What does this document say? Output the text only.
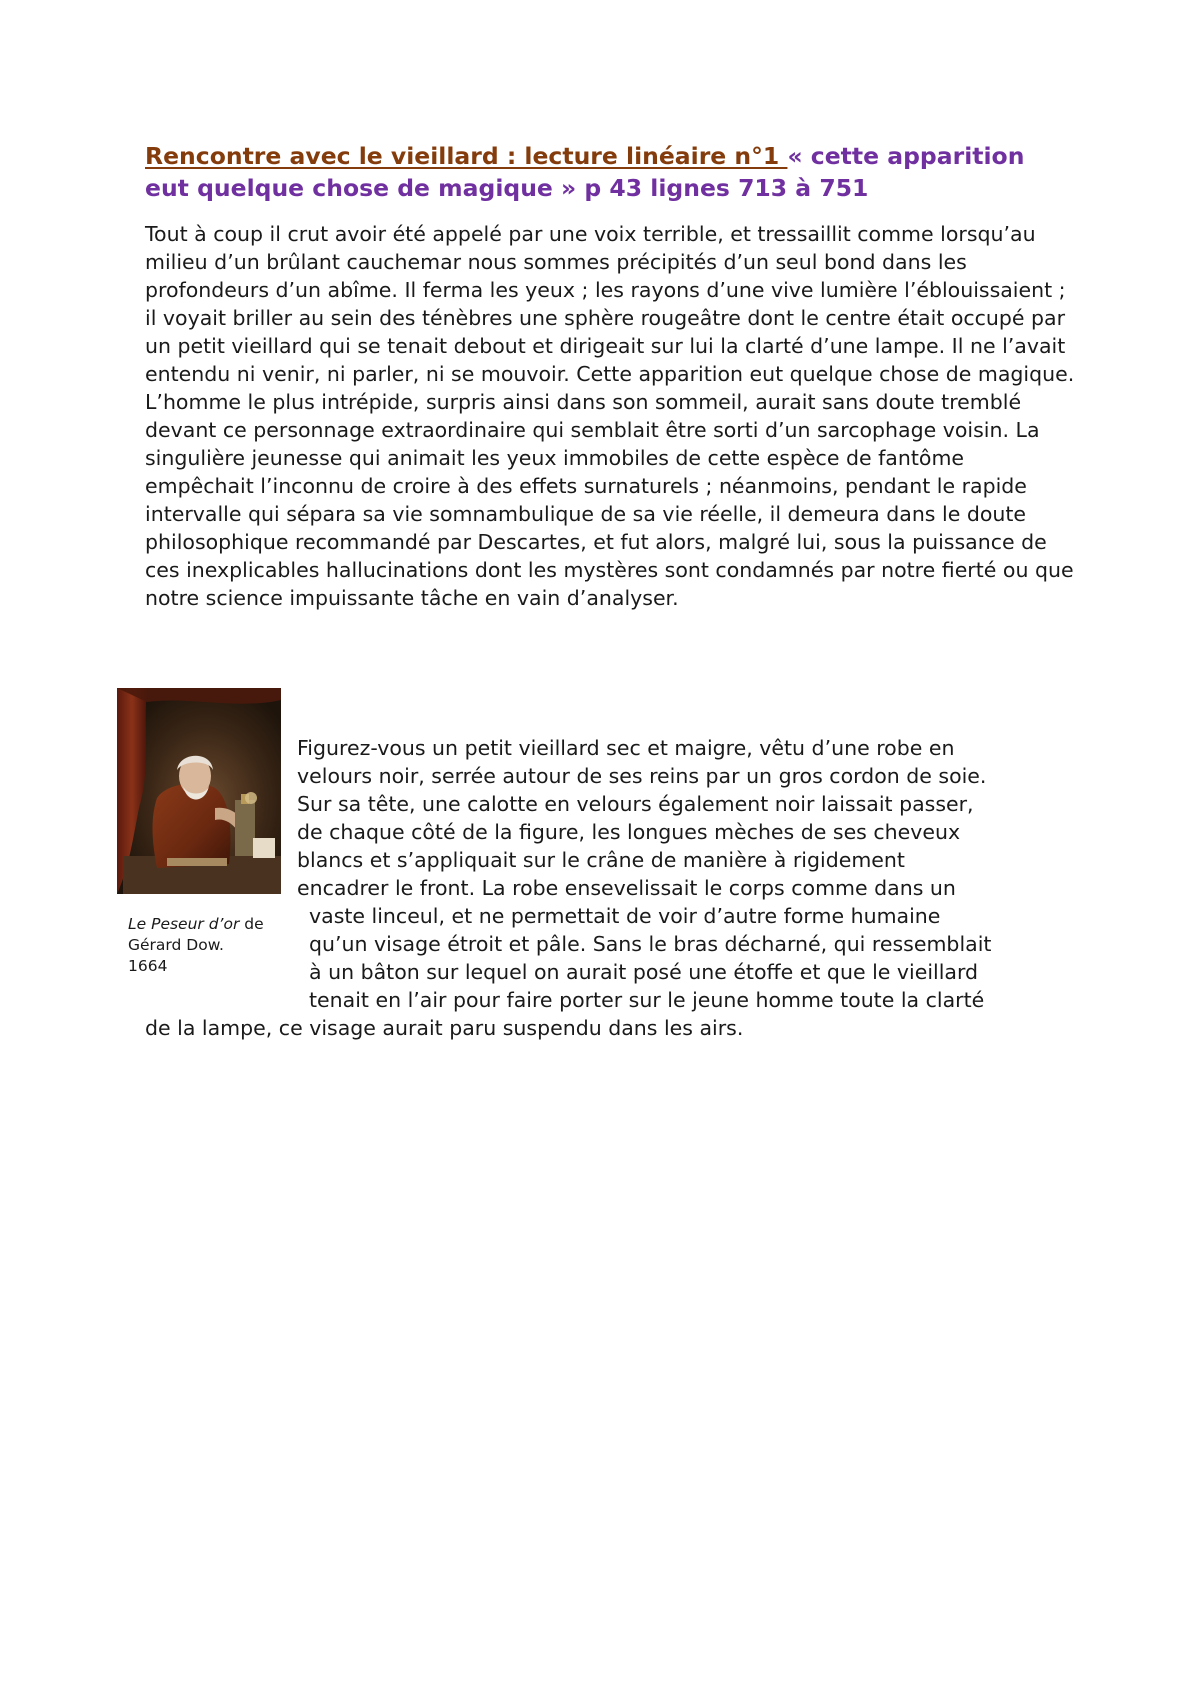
Rencontre avec le vieillard : lecture linéaire n°1 « cette apparition eut quelque chose de magique » p 43 lignes 713 à 751

Tout à coup il crut avoir été appelé par une voix terrible, et tressaillit comme lorsqu’au milieu d’un brûlant cauchemar nous sommes précipités d’un seul bond dans les profondeurs d’un abîme. Il ferma les yeux ; les rayons d’une vive lumière l’éblouissaient ; il voyait briller au sein des ténèbres une sphère rougeâtre dont le centre était occupé par un petit vieillard qui se tenait debout et dirigeait sur lui la clarté d’une lampe. Il ne l’avait entendu ni venir, ni parler, ni se mouvoir. Cette apparition eut quelque chose de magique. L’homme le plus intrépide, surpris ainsi dans son sommeil, aurait sans doute tremblé devant ce personnage extraordinaire qui semblait être sorti d’un sarcophage voisin. La singulière jeunesse qui animait les yeux immobiles de cette espèce de fantôme empêchait l’inconnu de croire à des effets surnaturels ; néanmoins, pendant le rapide intervalle qui sépara sa vie somnambulique de sa vie réelle, il demeura dans le doute philosophique recommandé par Descartes, et fut alors, malgré lui, sous la puissance de ces inexplicables hallucinations dont les mystères sont condamnés par notre fierté ou que notre science impuissante tâche en vain d’analyser.

Le Peseur d’or de Gérard Dow.
1664

Figurez-vous un petit vieillard sec et maigre, vêtu d’une robe en

velours noir, serrée autour de ses reins par un gros cordon de soie.

Sur sa tête, une calotte en velours également noir laissait passer,

de chaque côté de la figure, les longues mèches de ses cheveux

blancs et s’appliquait sur le crâne de manière à rigidement

encadrer le front. La robe ensevelissait le corps comme dans un

vaste linceul, et ne permettait de voir d’autre forme humaine

qu’un visage étroit et pâle. Sans le bras décharné, qui ressemblait

à un bâton sur lequel on aurait posé une étoffe et que le vieillard

tenait en l’air pour faire porter sur le jeune homme toute la clarté

de la lampe, ce visage aurait paru suspendu dans les airs.
